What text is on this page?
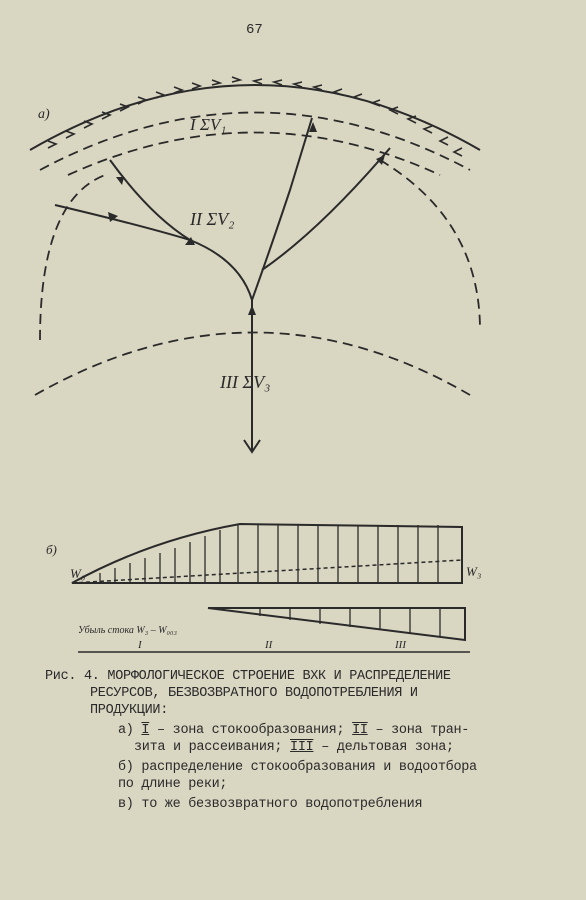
67
а)
I ΣV₁
II ΣV₂
III ΣV₃
б)
W₀	W₃
Убыль стока W₃ – W₀₀₃
I	II	III
Рис. 4. МОРФОЛОГИЧЕСКОЕ СТРОЕНИЕ ВХК И РАСПРЕДЕЛЕНИЕ
РЕСУРСОВ, БЕЗВОЗВРАТНОГО ВОДОПОТРЕБЛЕНИЯ И
ПРОДУКЦИИ:
а) I – зона стокообразования; II – зона тран-
зита и рассеивания; III – дельтовая зона;
б) распределение стокообразования и водоотбора
по длине реки;
в) то же безвозвратного водопотребления
